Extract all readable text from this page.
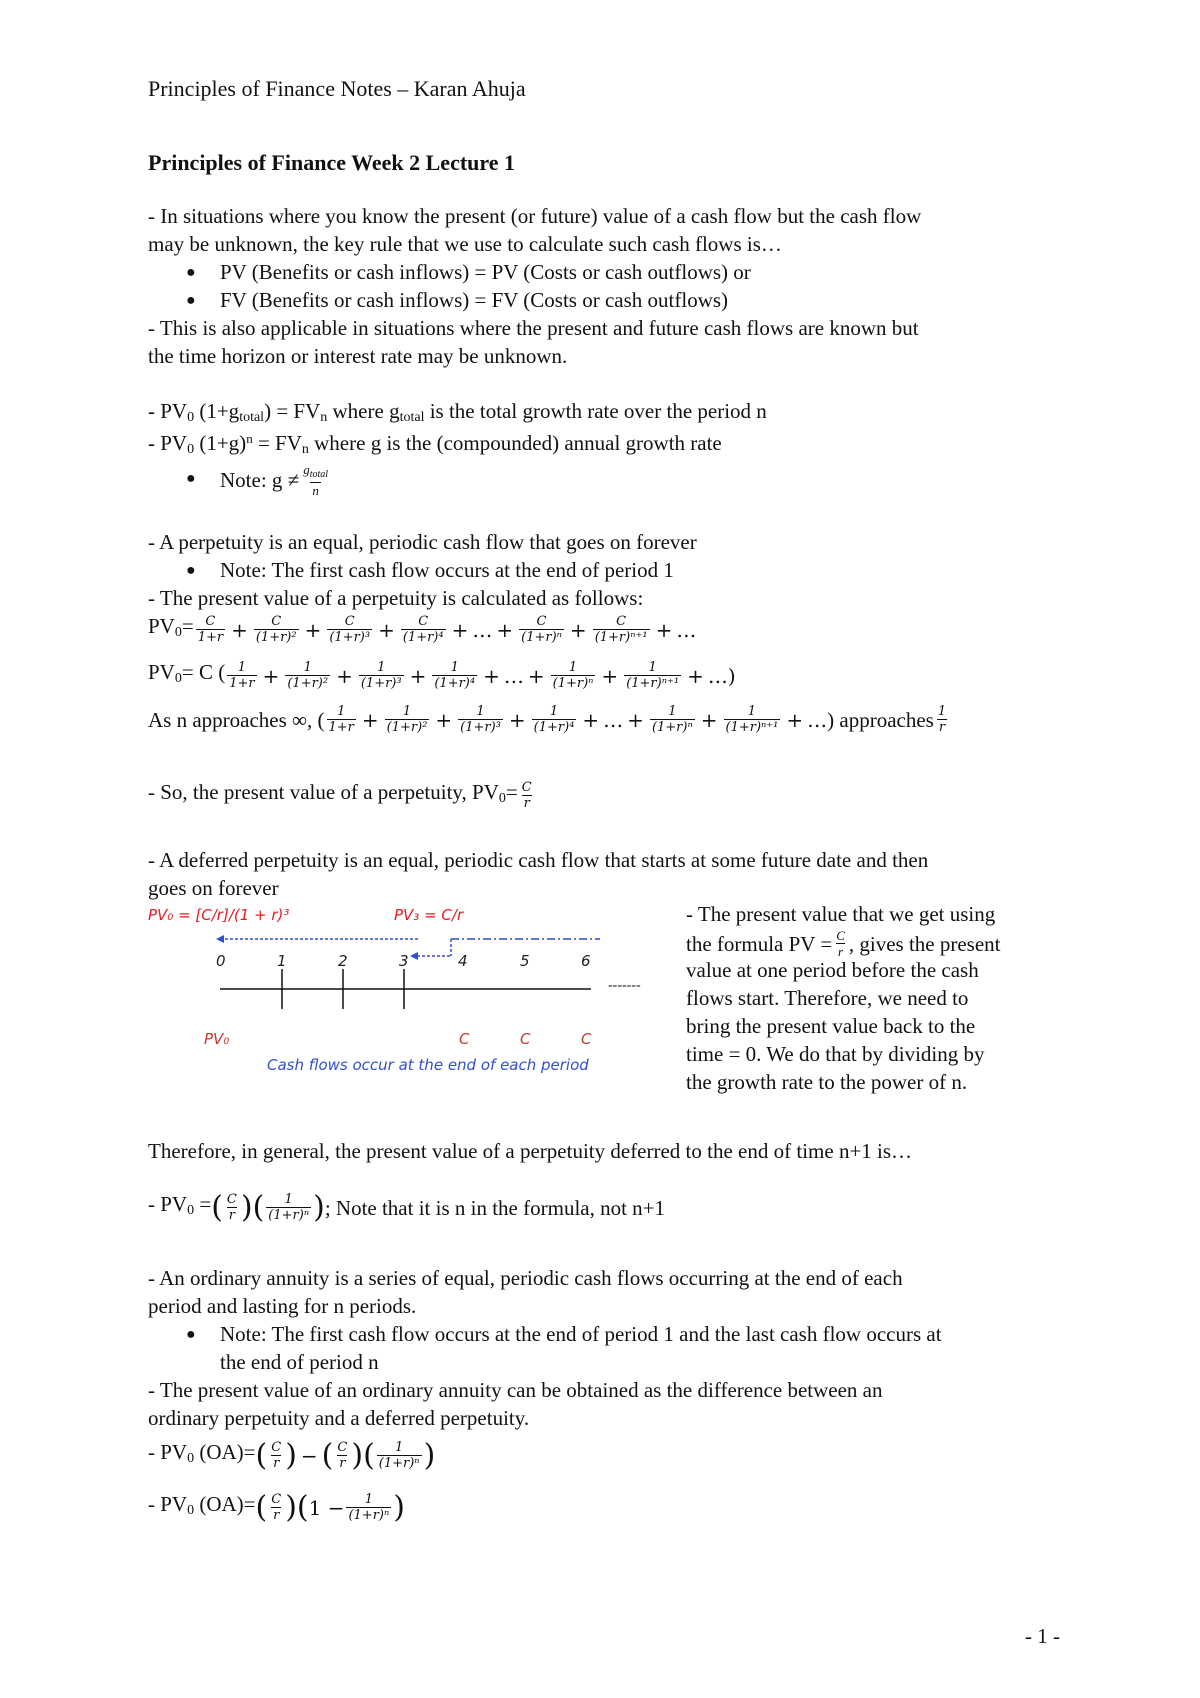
Principles of Finance Notes – Karan Ahuja
Principles of Finance Week 2 Lecture 1
- In situations where you know the present (or future) value of a cash flow but the cash flow
may be unknown, the key rule that we use to calculate such cash flows is…
● PV (Benefits or cash inflows) = PV (Costs or cash outflows) or
● FV (Benefits or cash inflows) = FV (Costs or cash outflows)
- This is also applicable in situations where the present and future cash flows are known but
the time horizon or interest rate may be unknown.
- $PV_0$ $(1+g_{total}) = FV_n$ where $g_{total}$ is the total growth rate over the period n
- $PV_0$ $(1+g)^n = FV_n$ where g is the (compounded) annual growth rate
● Note: $g \ne \frac{g_{total}}{n}$
- A perpetuity is an equal, periodic cash flow that goes on forever
● Note: The first cash flow occurs at the end of period 1
- The present value of a perpetuity is calculated as follows:
$PV_0= \frac{C}{1+r} + \frac{C}{\text{(1+r)²}} + \frac{C}{\text{(1+r)³}} + \frac{C}{\text{(1+r)⁴}}$ + … + $\frac{C}{\text{(1+r)ⁿ}} + \frac{C}{\text{(1+r)ⁿ⁺¹}}$ + …
$PV_0= C$ ( $\frac{1}{1+r} + \frac{1}{\text{(1+r)²}} + \frac{1}{\text{(1+r)³}} + \frac{1}{\text{(1+r)⁴}}$ + … + $\frac{1}{\text{(1+r)ⁿ}} + \frac{1}{\text{(1+r)ⁿ⁺¹}}$ + … )
As n approaches ∞, ( $\frac{1}{1+r} + \frac{1}{\text{(1+r)²}} + \frac{1}{\text{(1+r)³}} + \frac{1}{\text{(1+r)⁴}}$ + … + $\frac{1}{\text{(1+r)ⁿ}} + \frac{1}{\text{(1+r)ⁿ⁺¹}}$ + … ) approaches $\frac{1}{r}$
- So, the present value of a perpetuity, $PV_0= \frac{C}{r}$
- A deferred perpetuity is an equal, periodic cash flow that starts at some future date and then
goes on forever
PV₀ = [C/r]/(1 + r)³	PV₃ = C/r
0	1	2	3	4	5	6
-------
PV₀	C	C	C
Cash flows occur at the end of each period
- The present value that we get using
the formula PV = $\frac{C}{r}$ , gives the present
value at one period before the cash
flows start. Therefore, we need to
bring the present value back to the
time = 0. We do that by dividing by
the growth rate to the power of n.
Therefore, in general, the present value of a perpetuity deferred to the end of time n+1 is…
- $PV_0$ = ( $\frac{C}{r}$ ) ( $\frac{1}{\text{(1+r)ⁿ}}$ ) ; Note that it is n in the formula, not n+1
- An ordinary annuity is a series of equal, periodic cash flows occurring at the end of each
period and lasting for n periods.
● Note: The first cash flow occurs at the end of period 1 and the last cash flow occurs at
the end of period n
- The present value of an ordinary annuity can be obtained as the difference between an
ordinary perpetuity and a deferred perpetuity.
- $PV_0$ (OA)= ( $\frac{C}{r}$ ) − ( $\frac{C}{r}$ ) ( $\frac{1}{\text{(1+r)ⁿ}}$ )
- $PV_0$ (OA)= ( $\frac{C}{r}$ ) ( $1 - \frac{1}{\text{(1+r)ⁿ}}$ )
- 1 -
